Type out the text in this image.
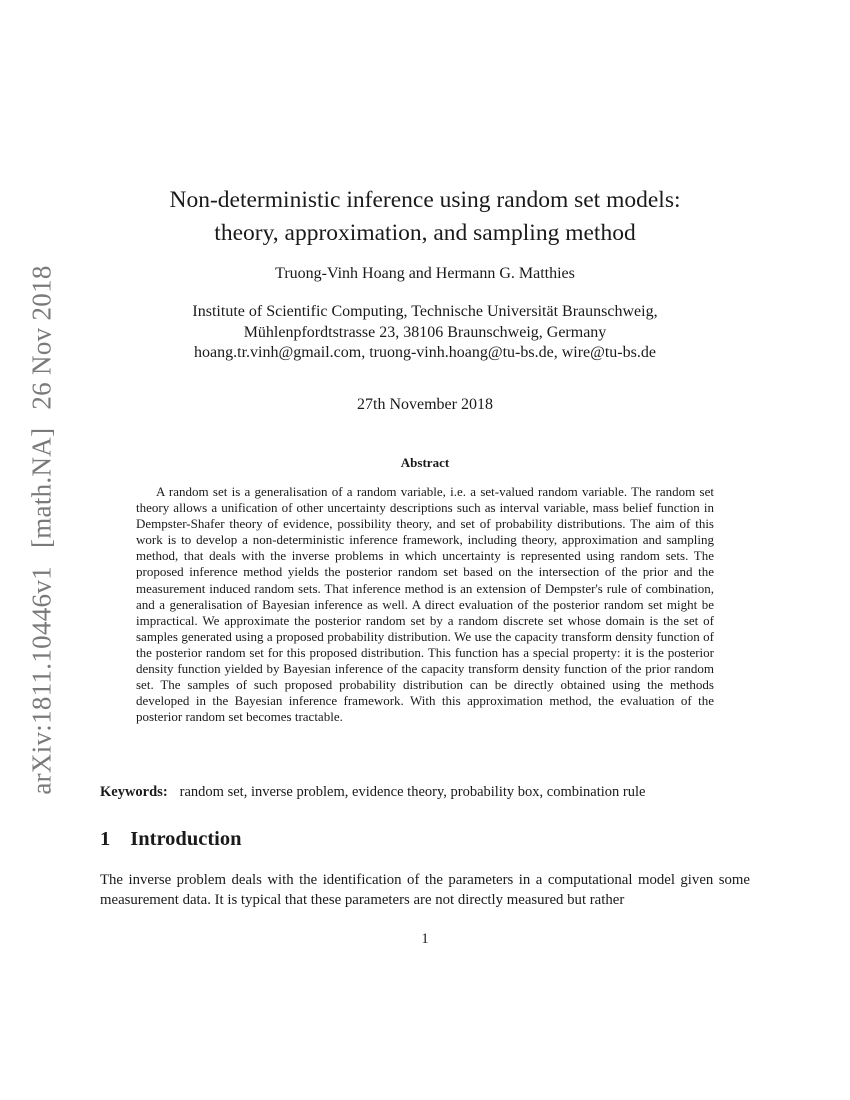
arXiv:1811.10446v1[math.NA]26 Nov 2018
Non-deterministic inference using random set models:
theory, approximation, and sampling method
Truong-Vinh Hoang and Hermann G. Matthies
Institute of Scientific Computing, Technische Universität Braunschweig,
Mühlenpfordtstrasse 23, 38106 Braunschweig, Germany
hoang.tr.vinh@gmail.com, truong-vinh.hoang@tu-bs.de, wire@tu-bs.de
27th November 2018
Abstract

A random set is a generalisation of a random variable, i.e. a set-valued random variable. The random set theory allows a unification of other uncertainty descriptions such as interval variable, mass belief function in Dempster-Shafer theory of evidence, possibility theory, and set of probability distributions. The aim of this work is to develop a non-deterministic inference framework, including theory, approximation and sampling method, that deals with the inverse problems in which uncertainty is represented using random sets. The proposed inference method yields the posterior random set based on the intersection of the prior and the measurement induced random sets. That inference method is an extension of Dempster's rule of combination, and a generalisation of Bayesian inference as well. A direct evaluation of the posterior random set might be impractical. We approximate the posterior random set by a random discrete set whose domain is the set of samples generated using a proposed probability distribution. We use the capacity transform density function of the posterior random set for this proposed distribution. This function has a special property: it is the posterior density function yielded by Bayesian inference of the capacity transform density function of the prior random set. The samples of such proposed probability distribution can be directly obtained using the methods developed in the Bayesian inference framework. With this approximation method, the evaluation of the posterior random set becomes tractable.

Keywords: random set, inverse problem, evidence theory, probability box, combination rule
1 Introduction

The inverse problem deals with the identification of the parameters in a computational model given some measurement data. It is typical that these parameters are not directly measured but rather

1
